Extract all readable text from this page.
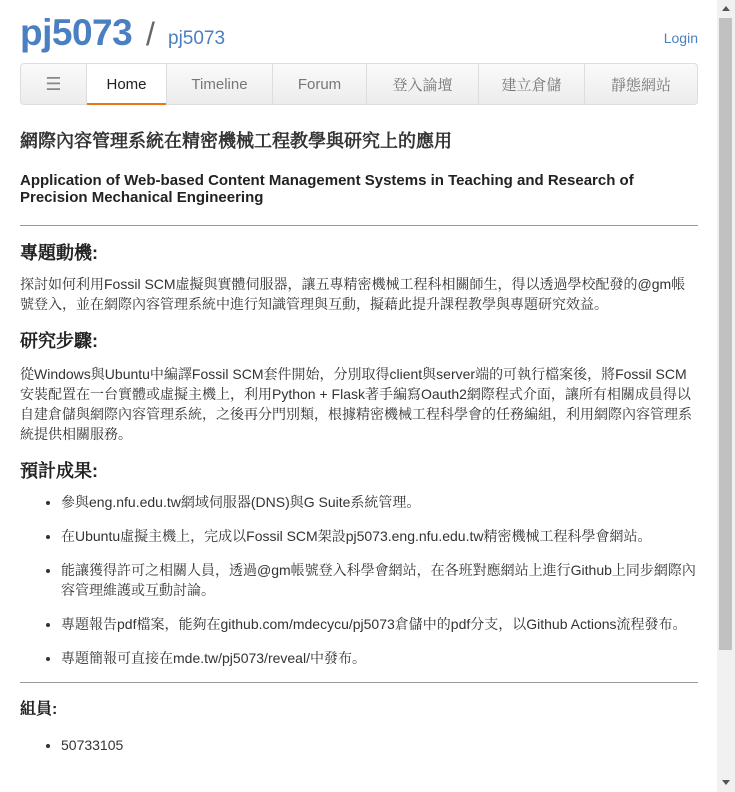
pj5073 / pj5073	Login
☰	Home	Timeline	Forum	登入論壇	建立倉儲	靜態網站
網際內容管理系統在精密機械工程教學與研究上的應用
Application of Web-based Content Management Systems in Teaching and Research of Precision Mechanical Engineering
專題動機:

探討如何利用Fossil SCM虛擬與實體伺服器，讓五專精密機械工程科相關師生，得以透過學校配發的@gm帳號登入，並在網際內容管理系統中進行知識管理與互動，擬藉此提升課程教學與專題研究效益。

研究步驟:

從Windows與Ubuntu中編譯Fossil SCM套件開始，分別取得client與server端的可執行檔案後，將Fossil SCM安裝配置在一台實體或虛擬主機上，利用Python + Flask著手編寫Oauth2網際程式介面，讓所有相關成員得以自建倉儲與網際內容管理系統，之後再分門別類，根據精密機械工程科學會的任務編組，利用網際內容管理系統提供相關服務。

預計成果:
• 參與eng.nfu.edu.tw網域伺服器(DNS)與G Suite系統管理。
• 在Ubuntu虛擬主機上，完成以Fossil SCM架設pj5073.eng.nfu.edu.tw精密機械工程科學會網站。
• 能讓獲得許可之相關人員，透過@gm帳號登入科學會網站，在各班對應網站上進行Github上同步網際內容管理維護或互動討論。
• 專題報告pdf檔案，能夠在github.com/mdecycu/pj5073倉儲中的pdf分支，以Github Actions流程發布。
• 專題簡報可直接在mde.tw/pj5073/reveal/中發布。
組員:
• 50733105
